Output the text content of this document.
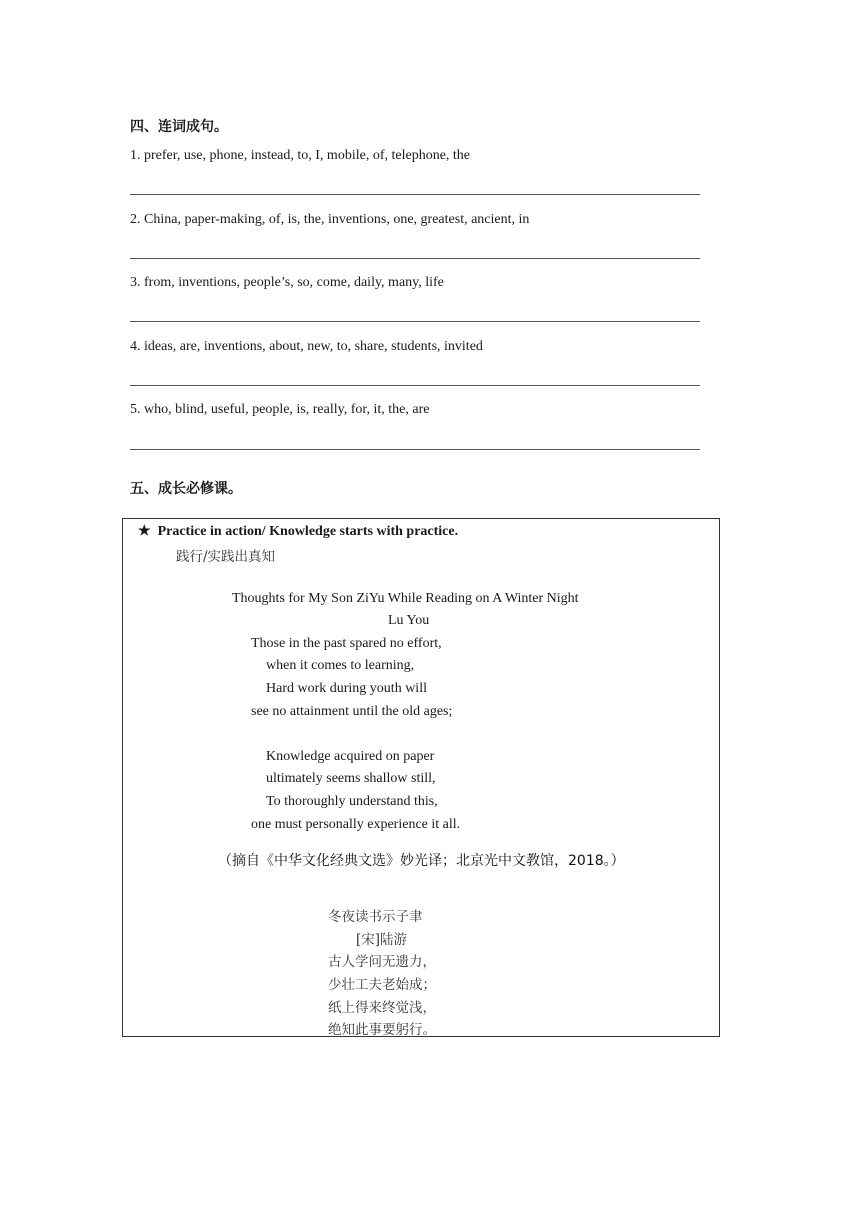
四、连词成句。
1. prefer, use, phone, instead, to, I, mobile, of, telephone, the
2. China, paper-making, of, is, the, inventions, one, greatest, ancient, in
3. from, inventions, people’s, so, come, daily, many, life
4. ideas, are, inventions, about, new, to, share, students, invited
5. who, blind, useful, people, is, really, for, it, the, are
五、成长必修课。
★ Practice in action/ Knowledge starts with practice.
践行/实践出真知
Thoughts for My Son ZiYu While Reading on A Winter Night
Lu You
Those in the past spared no effort,
when it comes to learning,
Hard work during youth will
see no attainment until the old ages;
Knowledge acquired on paper
ultimately seems shallow still,
To thoroughly understand this,
one must personally experience it all.
（摘自《中华文化经典文选》妙光译；北京光中文教馆，2018。）
冬夜读书示子聿
[宋]陆游
古人学问无遗力，
少壮工夫老始成；
纸上得来终觉浅，
绝知此事要躬行。
